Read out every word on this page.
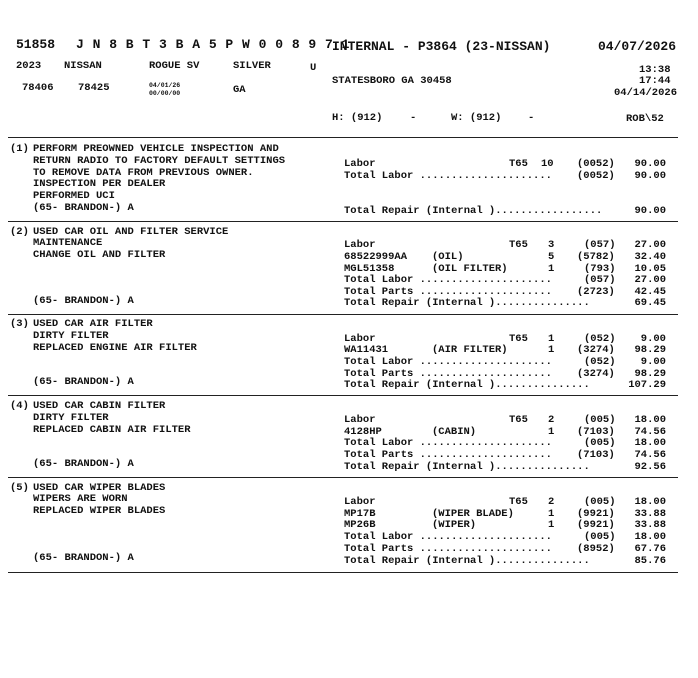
51858 J N 8 B T 3 B A 5 P W 0 0 8 9 7 1
INTERNAL - P3864 (23-NISSAN)	04/07/2026
2023 NISSAN	ROGUE SV	SILVER	U	13:38
STATESBORO GA 30458	17:44
78406 78425	04/01/26
00/00/00	GA	04/14/2026
H: (912)	-	W: (912)	-	ROB\52
(1) PERFORM PREOWNED VEHICLE INSPECTION AND
RETURN RADIO TO FACTORY DEFAULT SETTINGS
TO REMOVE DATA FROM PREVIOUS OWNER.
INSPECTION PER DEALER
PERFORMED UCI
(65- BRANDON-) A
Labor	T65 10 (0052) 90.00
Total Labor ..................... (0052) 90.00
Total Repair (Internal ).................	90.00
(2) USED CAR OIL AND FILTER SERVICE
MAINTENANCE
CHANGE OIL AND FILTER
(65- BRANDON-) A
Labor	T65 3	(057) 27.00
68522999AA (OIL)	5 (5782) 32.40
MGL51358	(OIL FILTER)	1	(793) 10.05
Total Labor .....................	(057) 27.00
Total Parts ..................... (2723) 42.45
Total Repair (Internal )...............	69.45
(3) USED CAR AIR FILTER
DIRTY FILTER
REPLACED ENGINE AIR FILTER
(65- BRANDON-) A
Labor	T65 1	(052) 9.00
WA11431	(AIR FILTER)	1 (3274) 98.29
Total Labor .....................	(052) 9.00
Total Parts ..................... (3274) 98.29
Total Repair (Internal )...............	107.29
(4) USED CAR CABIN FILTER
DIRTY FILTER
REPLACED CABIN AIR FILTER
(65- BRANDON-) A
Labor	T65 2	(005) 18.00
4128HP	(CABIN)	1 (7103) 74.56
Total Labor .....................	(005) 18.00
Total Parts ..................... (7103) 74.56
Total Repair (Internal )...............	92.56
(5) USED CAR WIPER BLADES
WIPERS ARE WORN
REPLACED WIPER BLADES
(65- BRANDON-) A
Labor	T65 2	(005) 18.00
MP17B	(WIPER BLADE)	1 (9921) 33.88
MP26B	(WIPER)	1 (9921) 33.88
Total Labor .....................	(005) 18.00
Total Parts ..................... (8952) 67.76
Total Repair (Internal )...............	85.76
